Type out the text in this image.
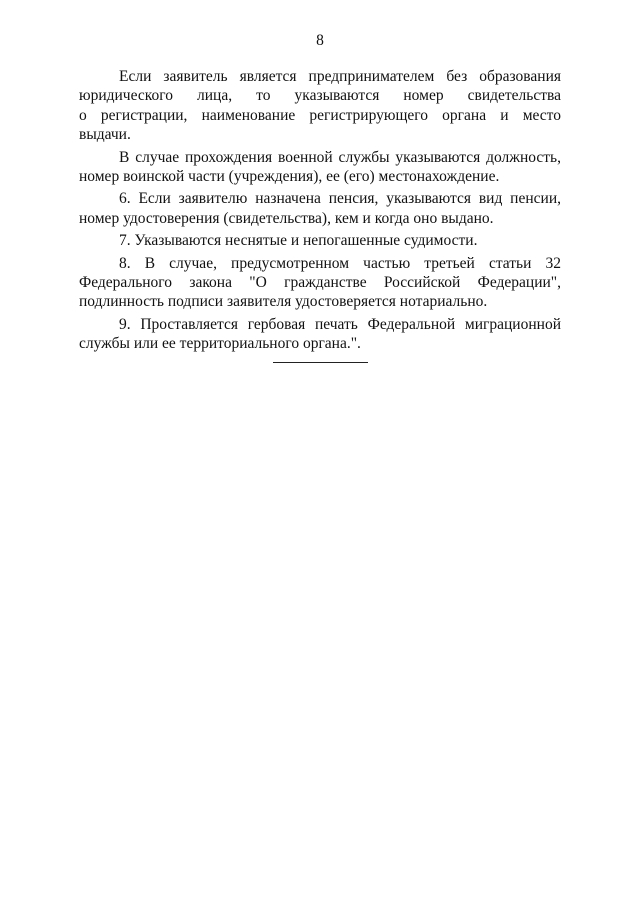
8

Если заявитель является предпринимателем без образования
юридического лица, то указываются номер свидетельства
о регистрации, наименование регистрирующего органа и место
выдачи.

В случае прохождения военной службы указываются должность,
номер воинской части (учреждения), ее (его) местонахождение.

6. Если заявителю назначена пенсия, указываются вид пенсии,
номер удостоверения (свидетельства), кем и когда оно выдано.

7. Указываются неснятые и непогашенные судимости.

8. В случае, предусмотренном частью третьей статьи 32
Федерального закона "О гражданстве Российской Федерации",
подлинность подписи заявителя удостоверяется нотариально.

9. Проставляется гербовая печать Федеральной миграционной
службы или ее территориального органа.".
